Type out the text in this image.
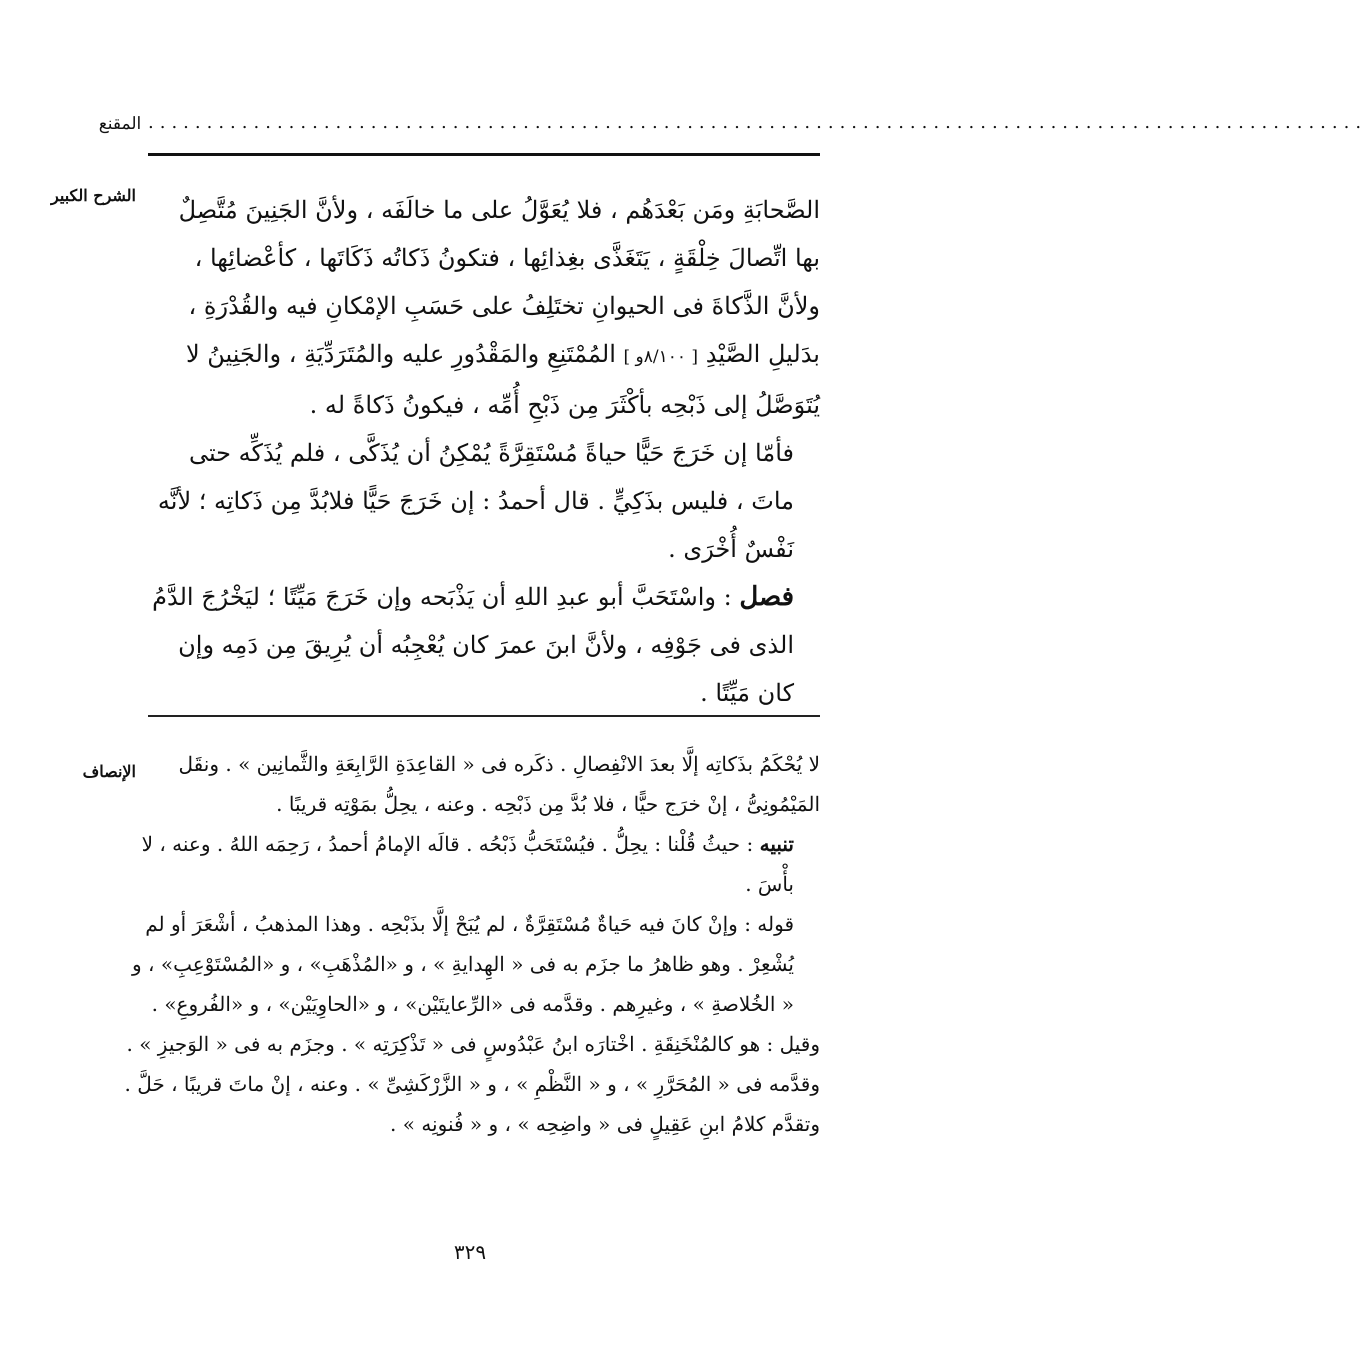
المقنع ........................................................................................................
الشرح الكبير
الإنصاف

الصَّحابَةِ ومَن بَعْدَهُم ، فلا يُعَوَّلُ على ما خالَفَه ، ولأنَّ الجَنِينَ مُتَّصِلٌ بها اتِّصالَ خِلْقَةٍ ، يَتَغَذَّى بغِذائِها ، فتكونُ ذَكاتُه ذَكَاتَها ، كأعْضائِها ، ولأنَّ الذَّكاةَ فى الحيوانِ تختَلِفُ على حَسَبِ الإمْكانِ فيه والقُدْرَةِ ، بدَليلِ الصَّيْدِ [ ٨/١٠٠و ] المُمْتَنِعِ والمَقْدُورِ عليه والمُتَرَدِّيَةِ ، والجَنِينُ لا يُتَوَصَّلُ إلى ذَبْحِه بأكْثَرَ مِن ذَبْحِ أُمِّه ، فيكونُ ذَكاةً له .

فأمّا إن خَرَجَ حَيًّا حياةً مُسْتَقِرَّةً يُمْكِنُ أن يُذَكَّى ، فلم يُذَكِّه حتى ماتَ ، فليس بذَكِيٍّ . قال أحمدُ : إن خَرَجَ حَيًّا فلابُدَّ مِن ذَكاتِه ؛ لأنَّه نَفْسٌ أُخْرَى .

فصل : واسْتَحَبَّ أبو عبدِ اللهِ أن يَذْبَحه وإن خَرَجَ مَيِّتًا ؛ ليَخْرُجَ الدَّمُ الذى فى جَوْفِه ، ولأنَّ ابنَ عمرَ كان يُعْجِبُه أن يُرِيقَ مِن دَمِه وإن كان مَيِّتًا .

لا يُحْكَمُ بذَكاتِه إلَّا بعدَ الانْفِصالِ . ذكَره فى « القاعِدَةِ الرَّابِعَةِ والثَّمانِين » . ونقَل المَيْمُونِىُّ ، إنْ خرَج حيًّا ، فلا بُدَّ مِن ذَبْحِه . وعنه ، يحِلُّ بمَوْتِه قريبًا .

تنبيه : حيثُ قُلْنا : يحِلُّ . فيُسْتَحَبُّ ذَبْحُه . قالَه الإمامُ أحمدُ ، رَحِمَه اللهُ . وعنه ، لا بأْسَ .

قوله : وإنْ كانَ فيه حَياةٌ مُسْتَقِرَّةٌ ، لم يُبَحْ إلَّا بذَبْحِه . وهذا المذهبُ ، أشْعَرَ أو لم يُشْعِرْ . وهو ظاهرُ ما جزَم به فى « الهِدايةِ » ، و «المُذْهَبِ» ، و «المُسْتَوْعِبِ» ، و « الخُلاصةِ » ، وغيرِهم . وقدَّمه فى «الرِّعايتَيْن» ، و «الحاوِيَيْن» ، و «الفُروعِ» .

وقيل : هو كالمُنْخَنِقَةِ . اخْتارَه ابنُ عَبْدُوسٍ فى « تَذْكِرَتِه » . وجزَم به فى « الوَجيزِ » . وقدَّمه فى « المُحَرَّرِ » ، و « النَّظْمِ » ، و « الزَّرْكَشِىِّ » . وعنه ، إنْ ماتَ قريبًا ، حَلَّ . وتقدَّم كلامُ ابنِ عَقِيلٍ فى « واضِحِه » ، و « فُنونِه » .

٣٢٩
